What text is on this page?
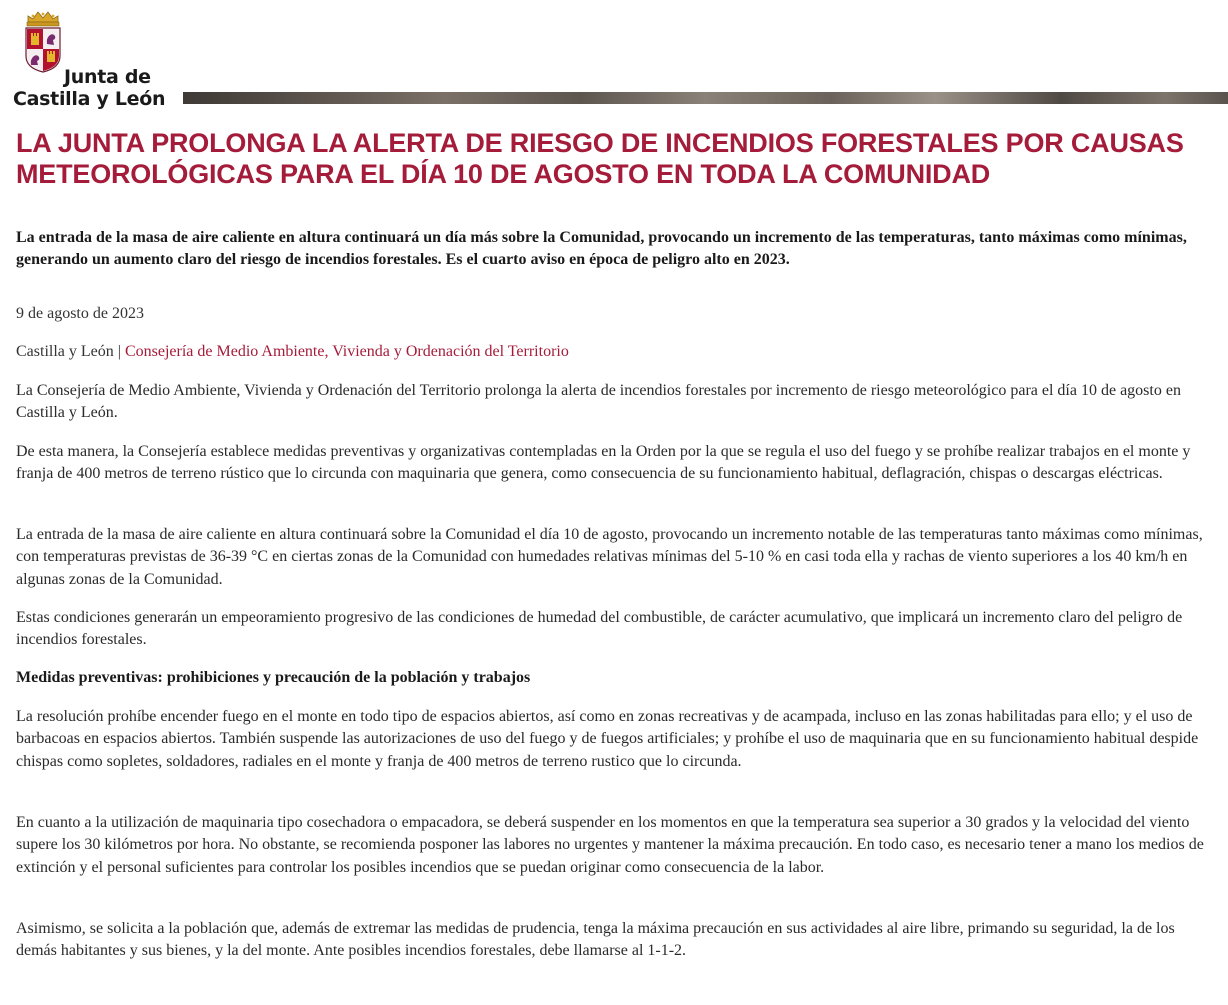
Junta de
Castilla y León
LA JUNTA PROLONGA LA ALERTA DE RIESGO DE INCENDIOS FORESTALES POR CAUSAS METEOROLÓGICAS PARA EL DÍA 10 DE AGOSTO EN TODA LA COMUNIDAD

La entrada de la masa de aire caliente en altura continuará un día más sobre la Comunidad, provocando un incremento de las temperaturas, tanto máximas como mínimas, generando un aumento claro del riesgo de incendios forestales. Es el cuarto aviso en época de peligro alto en 2023.

9 de agosto de 2023

Castilla y León | Consejería de Medio Ambiente, Vivienda y Ordenación del Territorio

La Consejería de Medio Ambiente, Vivienda y Ordenación del Territorio prolonga la alerta de incendios forestales por incremento de riesgo meteorológico para el día 10 de agosto en Castilla y León.

De esta manera, la Consejería establece medidas preventivas y organizativas contempladas en la Orden por la que se regula el uso del fuego y se prohíbe realizar trabajos en el monte y franja de 400 metros de terreno rústico que lo circunda con maquinaria que genera, como consecuencia de su funcionamiento habitual, deflagración, chispas o descargas eléctricas.

La entrada de la masa de aire caliente en altura continuará sobre la Comunidad el día 10 de agosto, provocando un incremento notable de las temperaturas tanto máximas como mínimas, con temperaturas previstas de 36-39 °C en ciertas zonas de la Comunidad con humedades relativas mínimas del 5-10 % en casi toda ella y rachas de viento superiores a los 40 km/h en algunas zonas de la Comunidad.

Estas condiciones generarán un empeoramiento progresivo de las condiciones de humedad del combustible, de carácter acumulativo, que implicará un incremento claro del peligro de incendios forestales.

Medidas preventivas: prohibiciones y precaución de la población y trabajos

La resolución prohíbe encender fuego en el monte en todo tipo de espacios abiertos, así como en zonas recreativas y de acampada, incluso en las zonas habilitadas para ello; y el uso de barbacoas en espacios abiertos. También suspende las autorizaciones de uso del fuego y de fuegos artificiales; y prohíbe el uso de maquinaria que en su funcionamiento habitual despide chispas como sopletes, soldadores, radiales en el monte y franja de 400 metros de terreno rustico que lo circunda.

En cuanto a la utilización de maquinaria tipo cosechadora o empacadora, se deberá suspender en los momentos en que la temperatura sea superior a 30 grados y la velocidad del viento supere los 30 kilómetros por hora. No obstante, se recomienda posponer las labores no urgentes y mantener la máxima precaución. En todo caso, es necesario tener a mano los medios de extinción y el personal suficientes para controlar los posibles incendios que se puedan originar como consecuencia de la labor.

Asimismo, se solicita a la población que, además de extremar las medidas de prudencia, tenga la máxima precaución en sus actividades al aire libre, primando su seguridad, la de los demás habitantes y sus bienes, y la del monte. Ante posibles incendios forestales, debe llamarse al 1-1-2.
